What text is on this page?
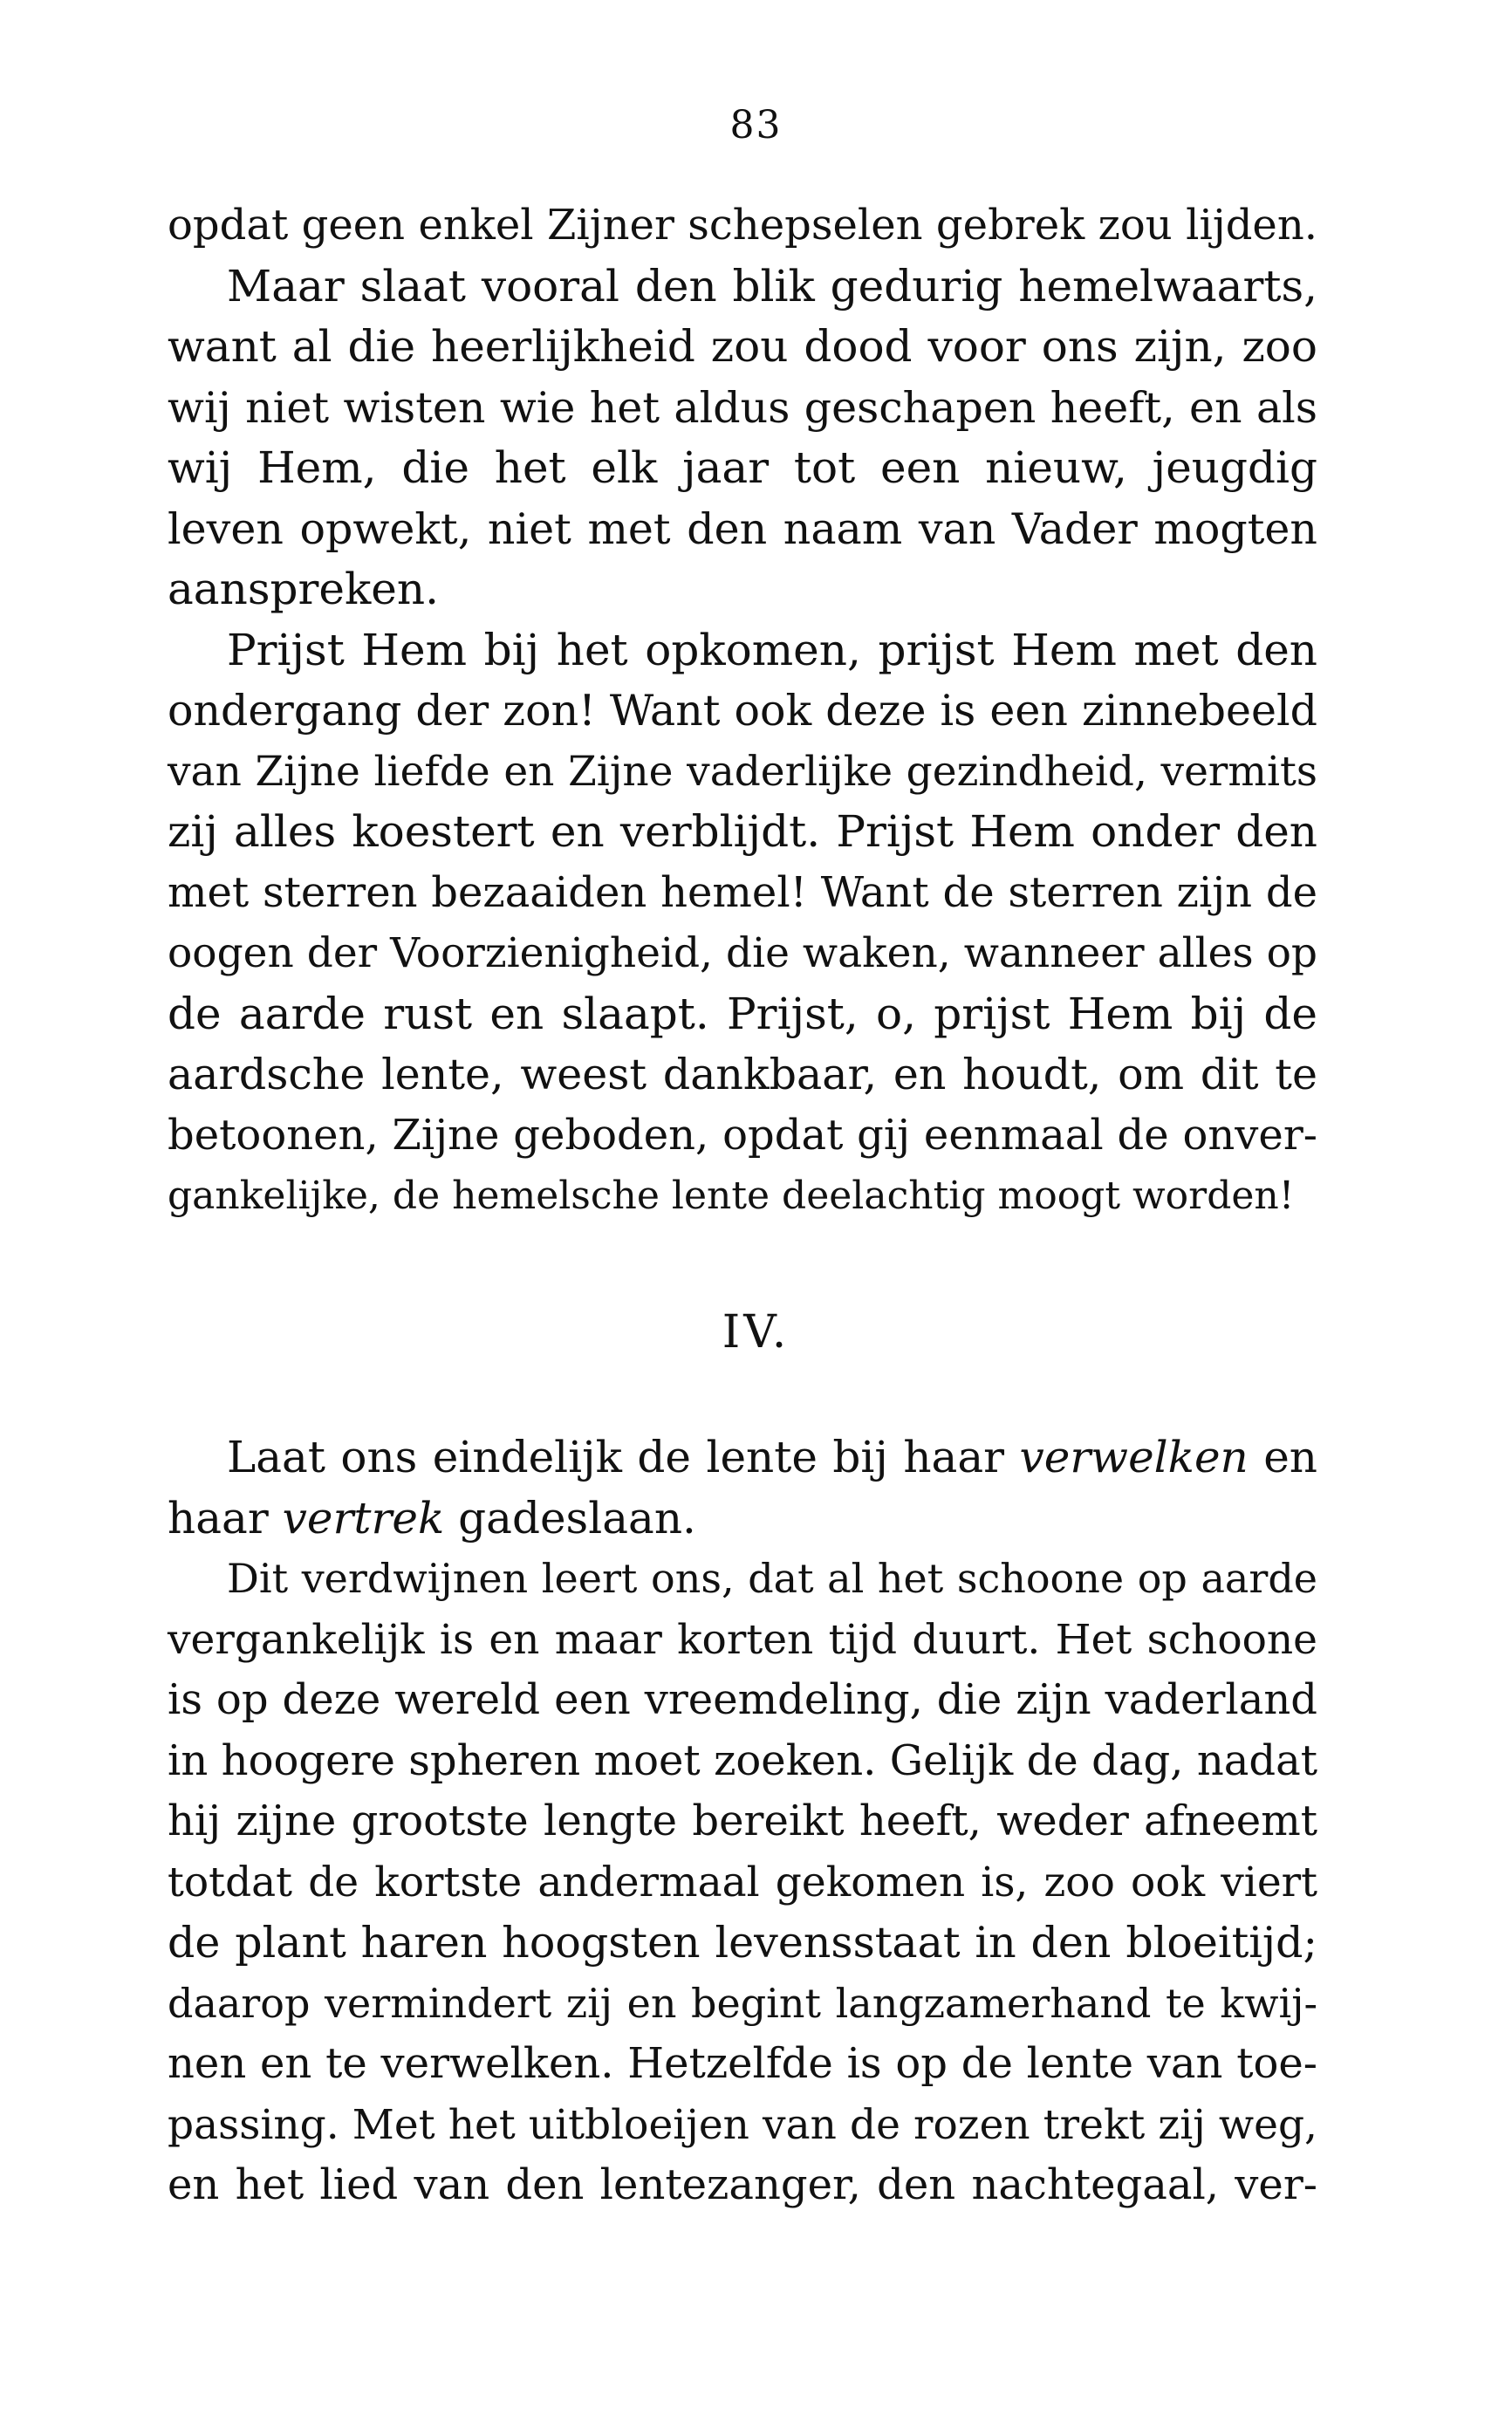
83
opdat geen enkel Zijner schepselen gebrek zou lijden.
Maar slaat vooral den blik gedurig hemelwaarts,
want al die heerlijkheid zou dood voor ons zijn, zoo
wij niet wisten wie het aldus geschapen heeft, en als
wij Hem, die het elk jaar tot een nieuw, jeugdig
leven opwekt, niet met den naam van Vader mogten
aanspreken.
Prijst Hem bij het opkomen, prijst Hem met den
ondergang der zon! Want ook deze is een zinnebeeld
van Zijne liefde en Zijne vaderlijke gezindheid, vermits
zij alles koestert en verblijdt. Prijst Hem onder den
met sterren bezaaiden hemel! Want de sterren zijn de
oogen der Voorzienigheid, die waken, wanneer alles op
de aarde rust en slaapt. Prijst, o, prijst Hem bij de
aardsche lente, weest dankbaar, en houdt, om dit te
betoonen, Zijne geboden, opdat gij eenmaal de onver-
gankelijke, de hemelsche lente deelachtig moogt worden!
IV.
Laat ons eindelijk de lente bij haar verwelken en
haar vertrek gadeslaan.
Dit verdwijnen leert ons, dat al het schoone op aarde
vergankelijk is en maar korten tijd duurt. Het schoone
is op deze wereld een vreemdeling, die zijn vaderland
in hoogere spheren moet zoeken. Gelijk de dag, nadat
hij zijne grootste lengte bereikt heeft, weder afneemt
totdat de kortste andermaal gekomen is, zoo ook viert
de plant haren hoogsten levensstaat in den bloeitijd;
daarop vermindert zij en begint langzamerhand te kwij-
nen en te verwelken. Hetzelfde is op de lente van toe-
passing. Met het uitbloeijen van de rozen trekt zij weg,
en het lied van den lentezanger, den nachtegaal, ver-
